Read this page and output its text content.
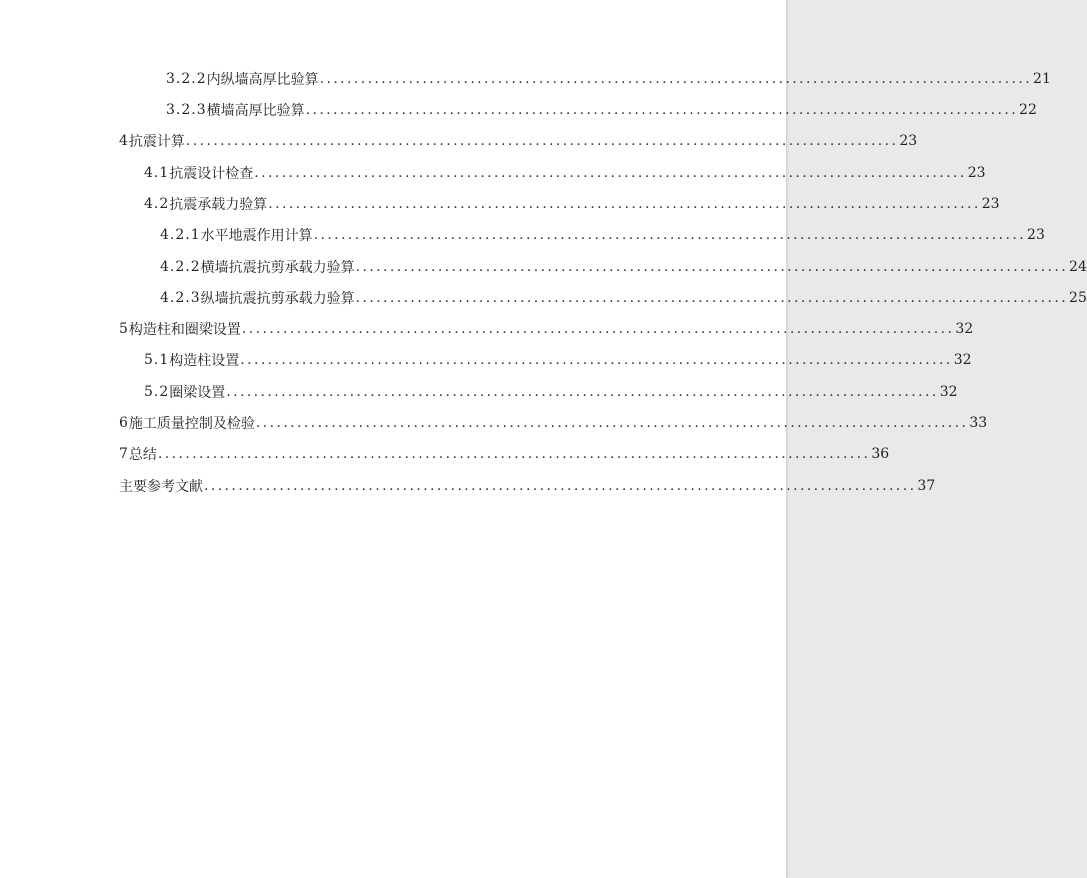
3.2.2 内纵墙高厚比验算 ........................................................................................................ 21
3.2.3 横墙高厚比验算 ........................................................................................................ 22
4 抗震计算 ........................................................................................................ 23
4.1 抗震设计检查 ........................................................................................................ 23
4.2 抗震承载力验算 ........................................................................................................ 23
4.2.1 水平地震作用计算 ........................................................................................................ 23
4.2.2 横墙抗震抗剪承载力验算 ........................................................................................................ 24
4.2.3 纵墙抗震抗剪承载力验算 ........................................................................................................ 25
5 构造柱和圈梁设置 ........................................................................................................ 32
5.1 构造柱设置 ........................................................................................................ 32
5.2 圈梁设置 ........................................................................................................ 32
6 施工质量控制及检验 ........................................................................................................ 33
7 总结 ........................................................................................................ 36
主要参考文献 ........................................................................................................ 37
